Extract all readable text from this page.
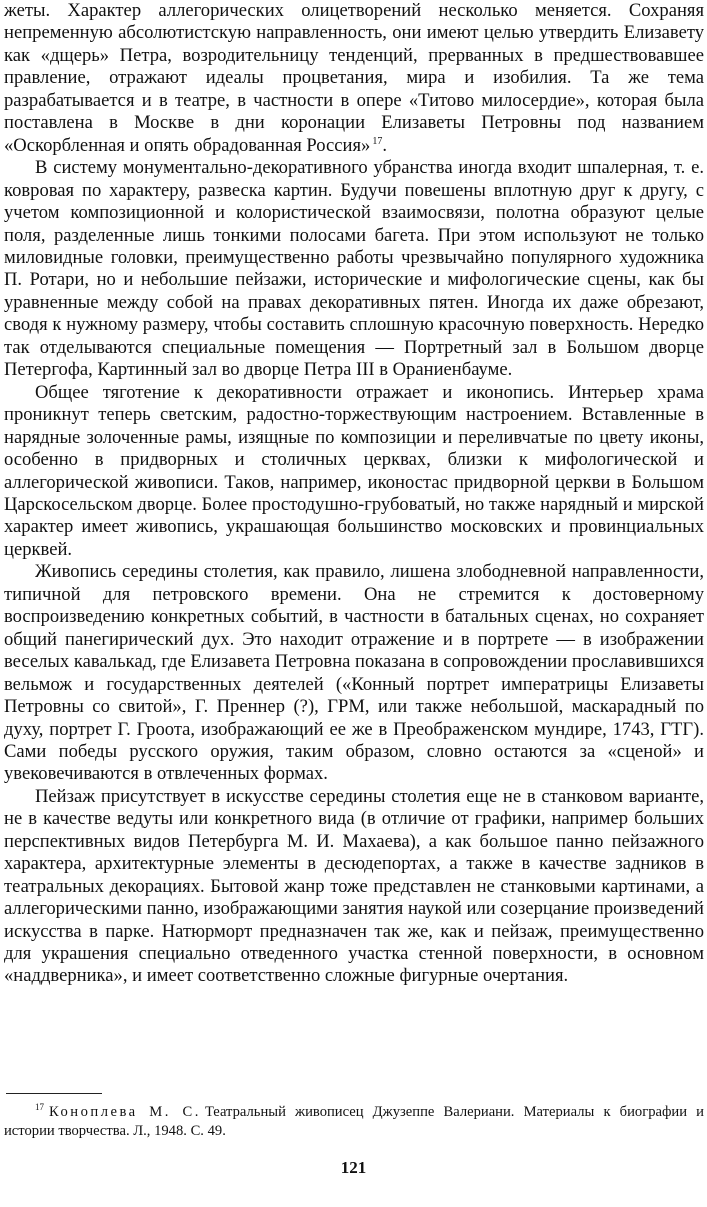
жеты. Характер аллегорических олицетворений несколько меняется. Сохраняя непременную абсолютистскую направленность, они имеют целью утвердить Елизавету как «дщерь» Петра, возродительницу тенденций, прерванных в предшествовавшее правление, отражают идеалы процветания, мира и изобилия. Та же тема разрабатывается и в театре, в частности в опере «Титово милосердие», которая была поставлена в Москве в дни коронации Елизаветы Петровны под названием «Оскорбленная и опять обрадованная Россия» $^{17}$.

В систему монументально-декоративного убранства иногда входит шпалерная, т. е. ковровая по характеру, развеска картин. Будучи повешены вплотную друг к другу, с учетом композиционной и колористической взаимосвязи, полотна образуют целые поля, разделенные лишь тонкими полосами багета. При этом используют не только миловидные головки, преимущественно работы чрезвычайно популярного художника П. Ротари, но и небольшие пейзажи, исторические и мифологические сцены, как бы уравненные между собой на правах декоративных пятен. Иногда их даже обрезают, сводя к нужному размеру, чтобы составить сплошную красочную поверхность. Нередко так отделываются специальные помещения — Портретный зал в Большом дворце Петергофа, Картинный зал во дворце Петра III в Ораниенбауме.

Общее тяготение к декоративности отражает и иконопись. Интерьер храма проникнут теперь светским, радостно-торжествующим настроением. Вставленные в нарядные золоченные рамы, изящные по композиции и переливчатые по цвету иконы, особенно в придворных и столичных церквах, близки к мифологической и аллегорической живописи. Таков, например, иконостас придворной церкви в Большом Царскосельском дворце. Более простодушно-грубоватый, но также нарядный и мирской характер имеет живопись, украшающая большинство московских и провинциальных церквей.

Живопись середины столетия, как правило, лишена злободневной направленности, типичной для петровского времени. Она не стремится к достоверному воспроизведению конкретных событий, в частности в батальных сценах, но сохраняет общий панегирический дух. Это находит отражение и в портрете — в изображении веселых кавалькад, где Елизавета Петровна показана в сопровождении прославившихся вельмож и государственных деятелей («Конный портрет императрицы Елизаветы Петровны со свитой», Г. Преннер (?), ГРМ, или также небольшой, маскарадный по духу, портрет Г. Гроота, изображающий ее же в Преображенском мундире, 1743, ГТГ). Сами победы русского оружия, таким образом, словно остаются за «сценой» и увековечиваются в отвлеченных формах.

Пейзаж присутствует в искусстве середины столетия еще не в станковом варианте, не в качестве ведуты или конкретного вида (в отличие от графики, например больших перспективных видов Петербурга М. И. Махаева), а как большое панно пейзажного характера, архитектурные элементы в десюдепортах, а также в качестве задников в театральных декорациях. Бытовой жанр тоже представлен не станковыми картинами, а аллегорическими панно, изображающими занятия наукой или созерцание произведений искусства в парке. Натюрморт предназначен так же, как и пейзаж, преимущественно для украшения специально отведенного участка стенной поверхности, в основном «наддверника», и имеет соответственно сложные фигурные очертания.

$^{17}$ Коноплева М. С. Театральный живописец Джузеппе Валериани. Материалы к биографии и истории творчества. Л., 1948. С. 49.

121
